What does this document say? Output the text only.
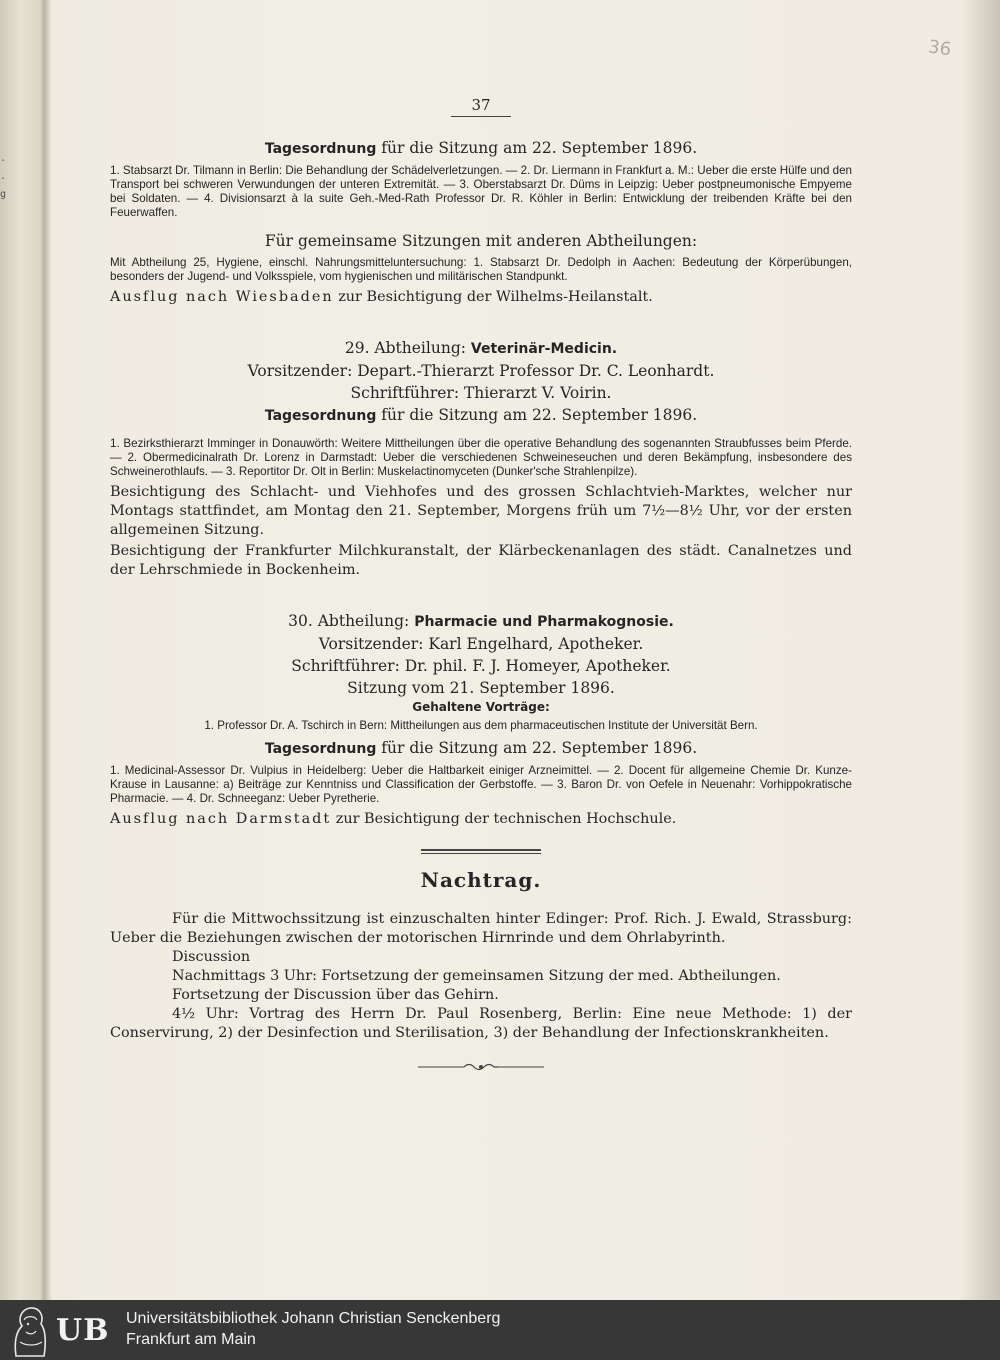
. . g
36
37

Tagesordnung für die Sitzung am 22. September 1896.

1. Stabsarzt Dr. Tilmann in Berlin: Die Behandlung der Schädelverletzungen. — 2. Dr. Liermann in Frankfurt a. M.: Ueber die erste Hülfe und den Transport bei schweren Verwundungen der unteren Extremität. — 3. Oberstabsarzt Dr. Düms in Leipzig: Ueber postpneumonische Empyeme bei Soldaten. — 4. Divisionsarzt à la suite Geh.-Med-Rath Professor Dr. R. Köhler in Berlin: Entwicklung der treibenden Kräfte bei den Feuerwaffen.

Für gemeinsame Sitzungen mit anderen Abtheilungen:

Mit Abtheilung 25, Hygiene, einschl. Nahrungsmitteluntersuchung: 1. Stabsarzt Dr. Dedolph in Aachen: Bedeutung der Körperübungen, besonders der Jugend- und Volksspiele, vom hygienischen und militärischen Standpunkt.

Ausflug nach Wiesbaden zur Besichtigung der Wilhelms-Heilanstalt.

29. Abtheilung: Veterinär-Medicin.

Vorsitzender: Depart.-Thierarzt Professor Dr. C. Leonhardt.

Schriftführer: Thierarzt V. Voirin.

Tagesordnung für die Sitzung am 22. September 1896.

1. Bezirksthierarzt Imminger in Donauwörth: Weitere Mittheilungen über die operative Behandlung des sogenannten Straubfusses beim Pferde. — 2. Obermedicinalrath Dr. Lorenz in Darmstadt: Ueber die verschiedenen Schweineseuchen und deren Bekämpfung, insbesondere des Schweinerothlaufs. — 3. Reportitor Dr. Olt in Berlin: Muskelactinomyceten (Dunker'sche Strahlenpilze).

Besichtigung des Schlacht- und Viehhofes und des grossen Schlachtvieh-Marktes, welcher nur Montags stattfindet, am Montag den 21. September, Morgens früh um 7½—8½ Uhr, vor der ersten allgemeinen Sitzung.

Besichtigung der Frankfurter Milchkuranstalt, der Klärbeckenanlagen des städt. Canalnetzes und der Lehrschmiede in Bockenheim.

30. Abtheilung: Pharmacie und Pharmakognosie.

Vorsitzender: Karl Engelhard, Apotheker.

Schriftführer: Dr. phil. F. J. Homeyer, Apotheker.

Sitzung vom 21. September 1896.

Gehaltene Vorträge:

1. Professor Dr. A. Tschirch in Bern: Mittheilungen aus dem pharmaceutischen Institute der Universität Bern.

Tagesordnung für die Sitzung am 22. September 1896.

1. Medicinal-Assessor Dr. Vulpius in Heidelberg: Ueber die Haltbarkeit einiger Arzneimittel. — 2. Docent für allgemeine Chemie Dr. Kunze-Krause in Lausanne: a) Beiträge zur Kenntniss und Classification der Gerbstoffe. — 3. Baron Dr. von Oefele in Neuenahr: Vorhippokratische Pharmacie. — 4. Dr. Schneeganz: Ueber Pyretherie.

Ausflug nach Darmstadt zur Besichtigung der technischen Hochschule.

Nachtrag.

Für die Mittwochssitzung ist einzuschalten hinter Edinger: Prof. Rich. J. Ewald, Strassburg: Ueber die Beziehungen zwischen der motorischen Hirnrinde und dem Ohrlabyrinth.

Discussion

Nachmittags 3 Uhr: Fortsetzung der gemeinsamen Sitzung der med. Abtheilungen.

Fortsetzung der Discussion über das Gehirn.

4½ Uhr: Vortrag des Herrn Dr. Paul Rosenberg, Berlin: Eine neue Methode: 1) der Conservirung, 2) der Desinfection und Sterilisation, 3) der Behandlung der Infectionskrankheiten.

UB Universitätsbibliothek Johann Christian Senckenberg
Frankfurt am Main
